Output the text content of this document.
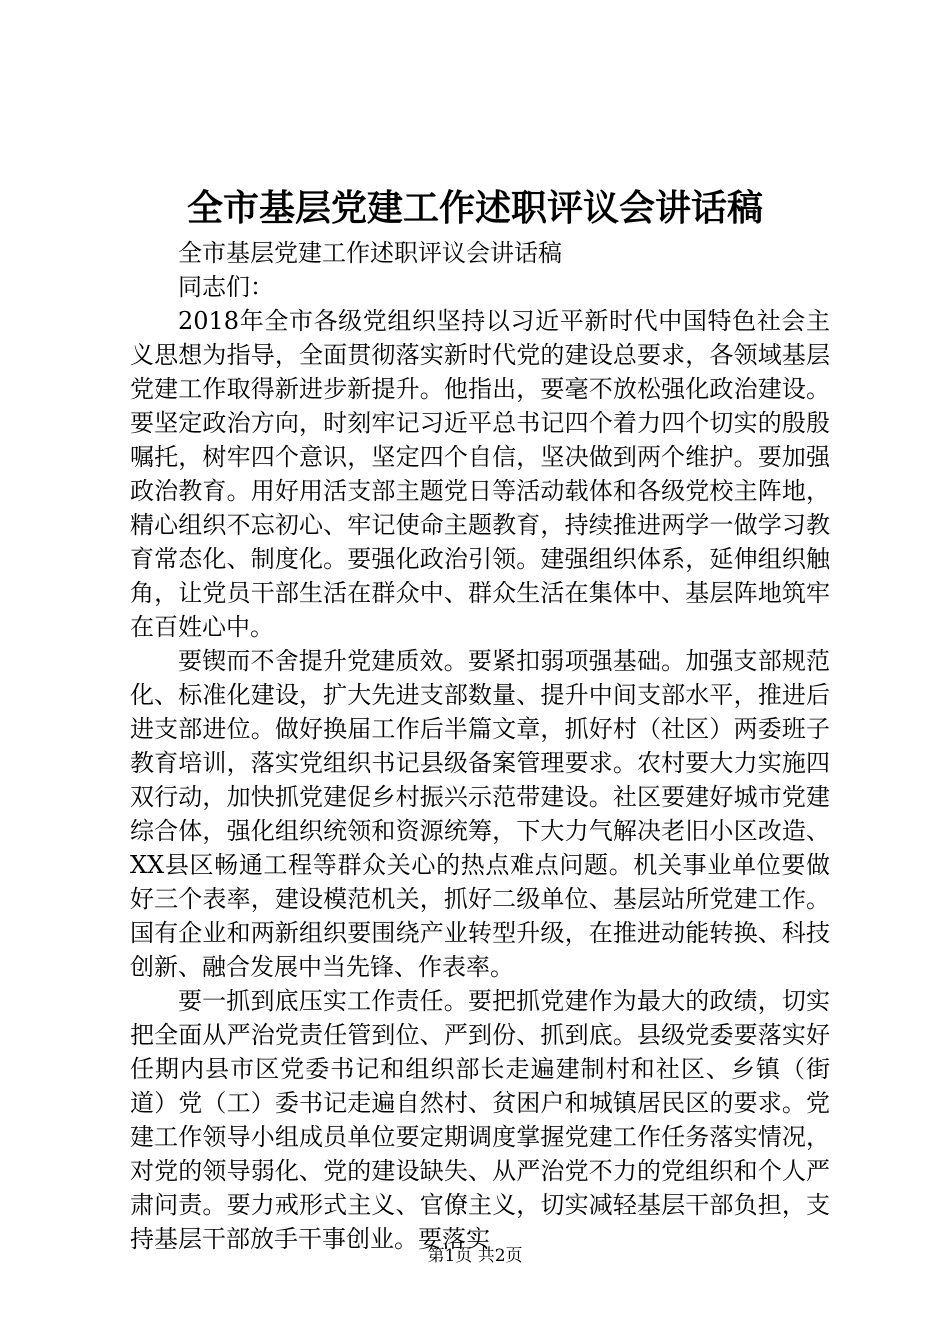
全市基层党建工作述职评议会讲话稿

全市基层党建工作述职评议会讲话稿

同志们：

2018年全市各级党组织坚持以习近平新时代中国特色社会主义思想为指导，全面贯彻落实新时代党的建设总要求，各领域基层党建工作取得新进步新提升。他指出，要毫不放松强化政治建设。要坚定政治方向，时刻牢记习近平总书记四个着力四个切实的殷殷嘱托，树牢四个意识，坚定四个自信，坚决做到两个维护。要加强政治教育。用好用活支部主题党日等活动载体和各级党校主阵地，精心组织不忘初心、牢记使命主题教育，持续推进两学一做学习教育常态化、制度化。要强化政治引领。建强组织体系，延伸组织触角，让党员干部生活在群众中、群众生活在集体中、基层阵地筑牢在百姓心中。

要锲而不舍提升党建质效。要紧扣弱项强基础。加强支部规范化、标准化建设，扩大先进支部数量、提升中间支部水平，推进后进支部进位。做好换届工作后半篇文章，抓好村（社区）两委班子教育培训，落实党组织书记县级备案管理要求。农村要大力实施四双行动，加快抓党建促乡村振兴示范带建设。社区要建好城市党建综合体，强化组织统领和资源统筹，下大力气解决老旧小区改造、XX县区畅通工程等群众关心的热点难点问题。机关事业单位要做好三个表率，建设模范机关，抓好二级单位、基层站所党建工作。国有企业和两新组织要围绕产业转型升级，在推进动能转换、科技创新、融合发展中当先锋、作表率。

要一抓到底压实工作责任。要把抓党建作为最大的政绩，切实把全面从严治党责任管到位、严到份、抓到底。县级党委要落实好任期内县市区党委书记和组织部长走遍建制村和社区、乡镇（街道）党（工）委书记走遍自然村、贫困户和城镇居民区的要求。党建工作领导小组成员单位要定期调度掌握党建工作任务落实情况，对党的领导弱化、党的建设缺失、从严治党不力的党组织和个人严肃问责。要力戒形式主义、官僚主义，切实减轻基层干部负担，支持基层干部放手干事创业。要落实

第1页 共2页
